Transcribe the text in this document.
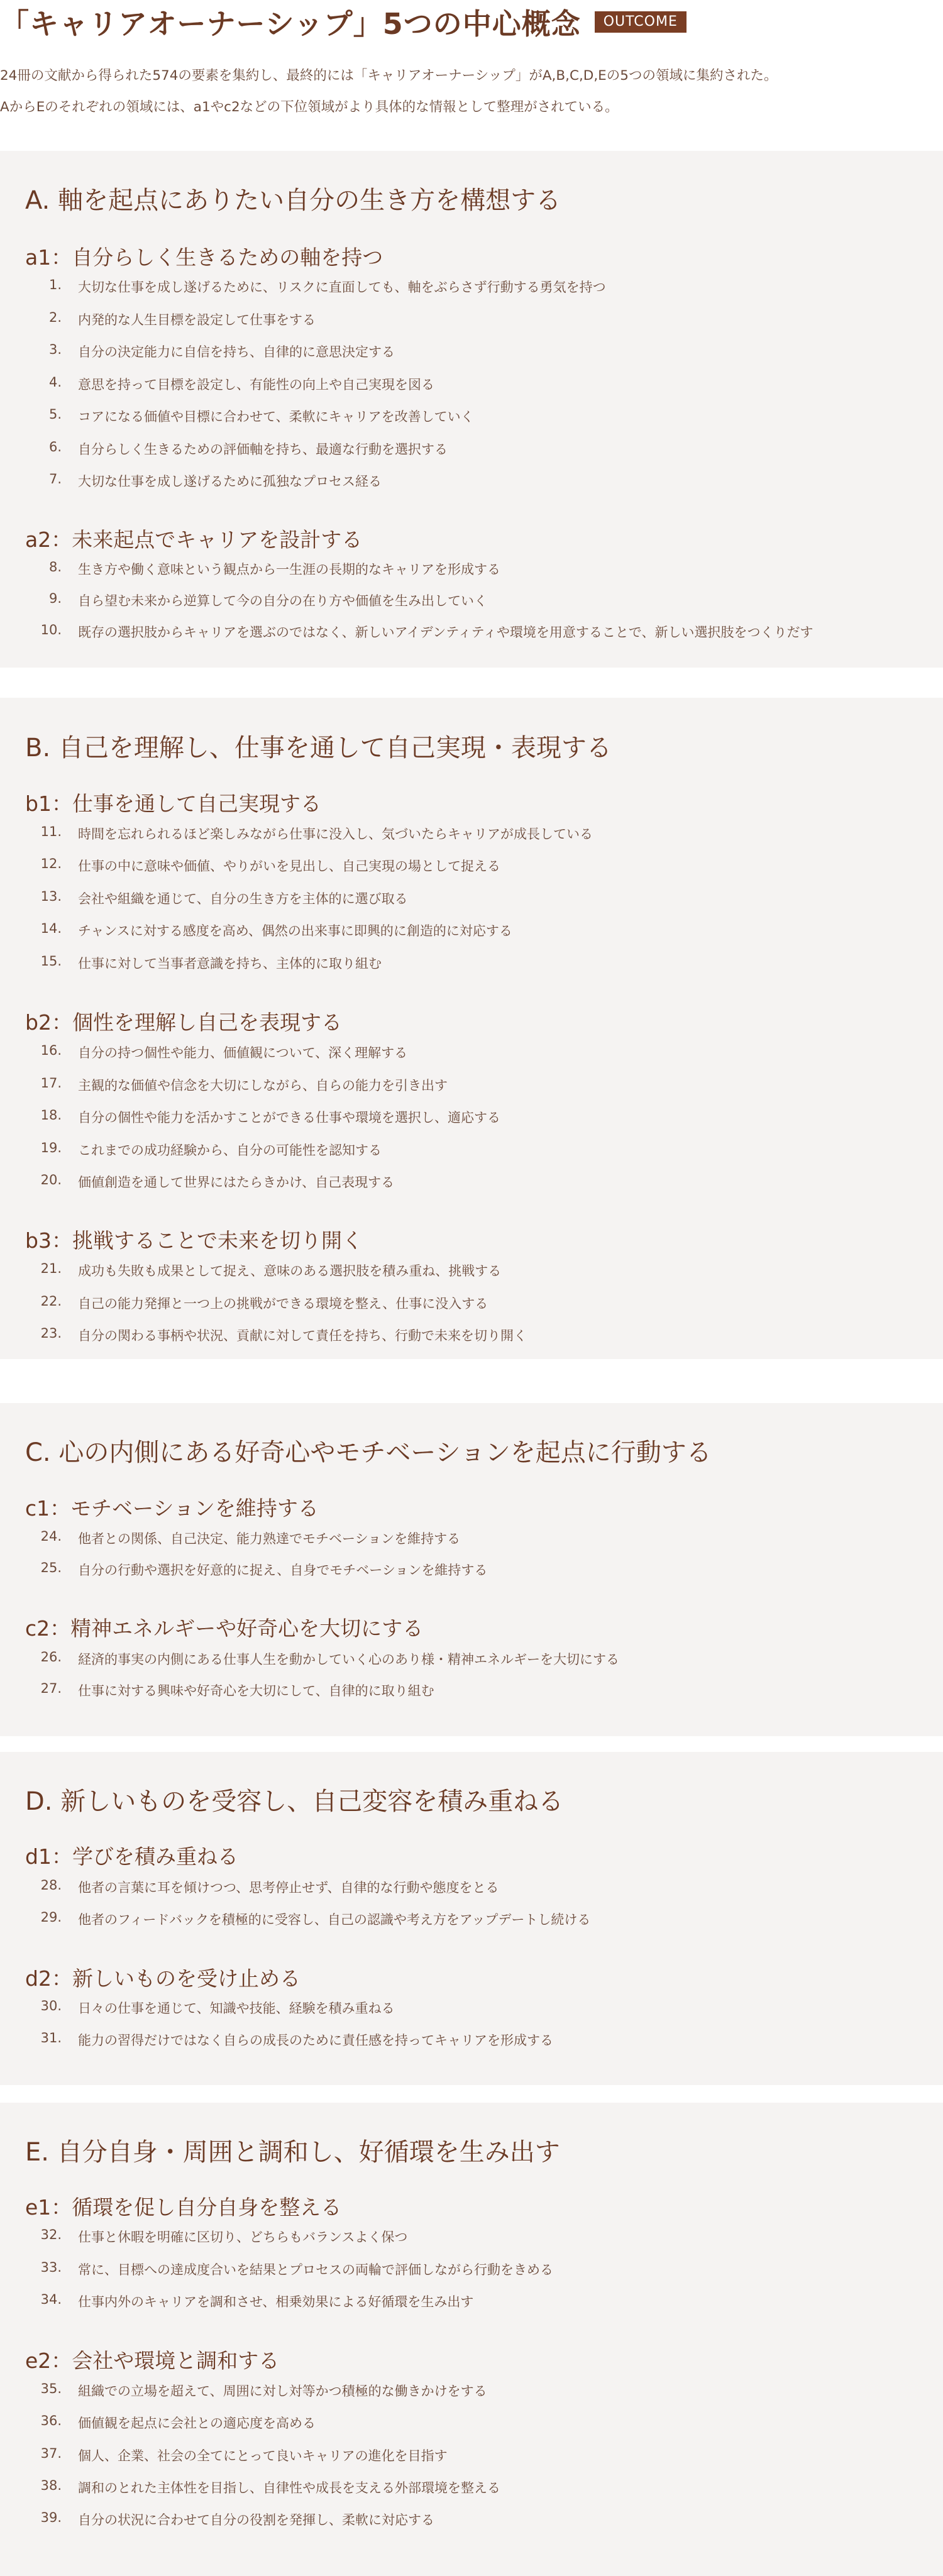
「キャリアオーナーシップ」5つの中心概念	OUTCOME
24冊の文献から得られた574の要素を集約し、最終的には「キャリアオーナーシップ」がA,B,C,D,Eの5つの領域に集約された。
AからEのそれぞれの領域には、a1やc2などの下位領域がより具体的な情報として整理がされている。
A. 軸を起点にありたい自分の生き方を構想する
a1：自分らしく生きるための軸を持つ
1. 大切な仕事を成し遂げるために、リスクに直面しても、軸をぶらさず行動する勇気を持つ
2. 内発的な人生目標を設定して仕事をする
3. 自分の決定能力に自信を持ち、自律的に意思決定する
4. 意思を持って目標を設定し、有能性の向上や自己実現を図る
5. コアになる価値や目標に合わせて、柔軟にキャリアを改善していく
6. 自分らしく生きるための評価軸を持ち、最適な行動を選択する
7. 大切な仕事を成し遂げるために孤独なプロセス経る
a2：未来起点でキャリアを設計する
8. 生き方や働く意味という観点から一生涯の長期的なキャリアを形成する
9. 自ら望む未来から逆算して今の自分の在り方や価値を生み出していく
10. 既存の選択肢からキャリアを選ぶのではなく、新しいアイデンティティや環境を用意することで、新しい選択肢をつくりだす
B. 自己を理解し、仕事を通して自己実現・表現する
b1：仕事を通して自己実現する
11. 時間を忘れられるほど楽しみながら仕事に没入し、気づいたらキャリアが成長している
12. 仕事の中に意味や価値、やりがいを見出し、自己実現の場として捉える
13. 会社や組織を通じて、自分の生き方を主体的に選び取る
14. チャンスに対する感度を高め、偶然の出来事に即興的に創造的に対応する
15. 仕事に対して当事者意識を持ち、主体的に取り組む
b2：個性を理解し自己を表現する
16. 自分の持つ個性や能力、価値観について、深く理解する
17. 主観的な価値や信念を大切にしながら、自らの能力を引き出す
18. 自分の個性や能力を活かすことができる仕事や環境を選択し、適応する
19. これまでの成功経験から、自分の可能性を認知する
20. 価値創造を通して世界にはたらきかけ、自己表現する
b3：挑戦することで未来を切り開く
21. 成功も失敗も成果として捉え、意味のある選択肢を積み重ね、挑戦する
22. 自己の能力発揮と一つ上の挑戦ができる環境を整え、仕事に没入する
23. 自分の関わる事柄や状況、貢献に対して責任を持ち、行動で未来を切り開く
C. 心の内側にある好奇心やモチベーションを起点に行動する
c1：モチベーションを維持する
24. 他者との関係、自己決定、能力熟達でモチベーションを維持する
25. 自分の行動や選択を好意的に捉え、自身でモチベーションを維持する
c2：精神エネルギーや好奇心を大切にする
26. 経済的事実の内側にある仕事人生を動かしていく心のあり様・精神エネルギーを大切にする
27. 仕事に対する興味や好奇心を大切にして、自律的に取り組む
D. 新しいものを受容し、自己変容を積み重ねる
d1：学びを積み重ねる
28. 他者の言葉に耳を傾けつつ、思考停止せず、自律的な行動や態度をとる
29. 他者のフィードバックを積極的に受容し、自己の認識や考え方をアップデートし続ける
d2：新しいものを受け止める
30. 日々の仕事を通じて、知識や技能、経験を積み重ねる
31. 能力の習得だけではなく自らの成長のために責任感を持ってキャリアを形成する
E. 自分自身・周囲と調和し、好循環を生み出す
e1：循環を促し自分自身を整える
32. 仕事と休暇を明確に区切り、どちらもバランスよく保つ
33. 常に、目標への達成度合いを結果とプロセスの両輪で評価しながら行動をきめる
34. 仕事内外のキャリアを調和させ、相乗効果による好循環を生み出す
e2：会社や環境と調和する
35. 組織での立場を超えて、周囲に対し対等かつ積極的な働きかけをする
36. 価値観を起点に会社との適応度を高める
37. 個人、企業、社会の全てにとって良いキャリアの進化を目指す
38. 調和のとれた主体性を目指し、自律性や成長を支える外部環境を整える
39. 自分の状況に合わせて自分の役割を発揮し、柔軟に対応する
